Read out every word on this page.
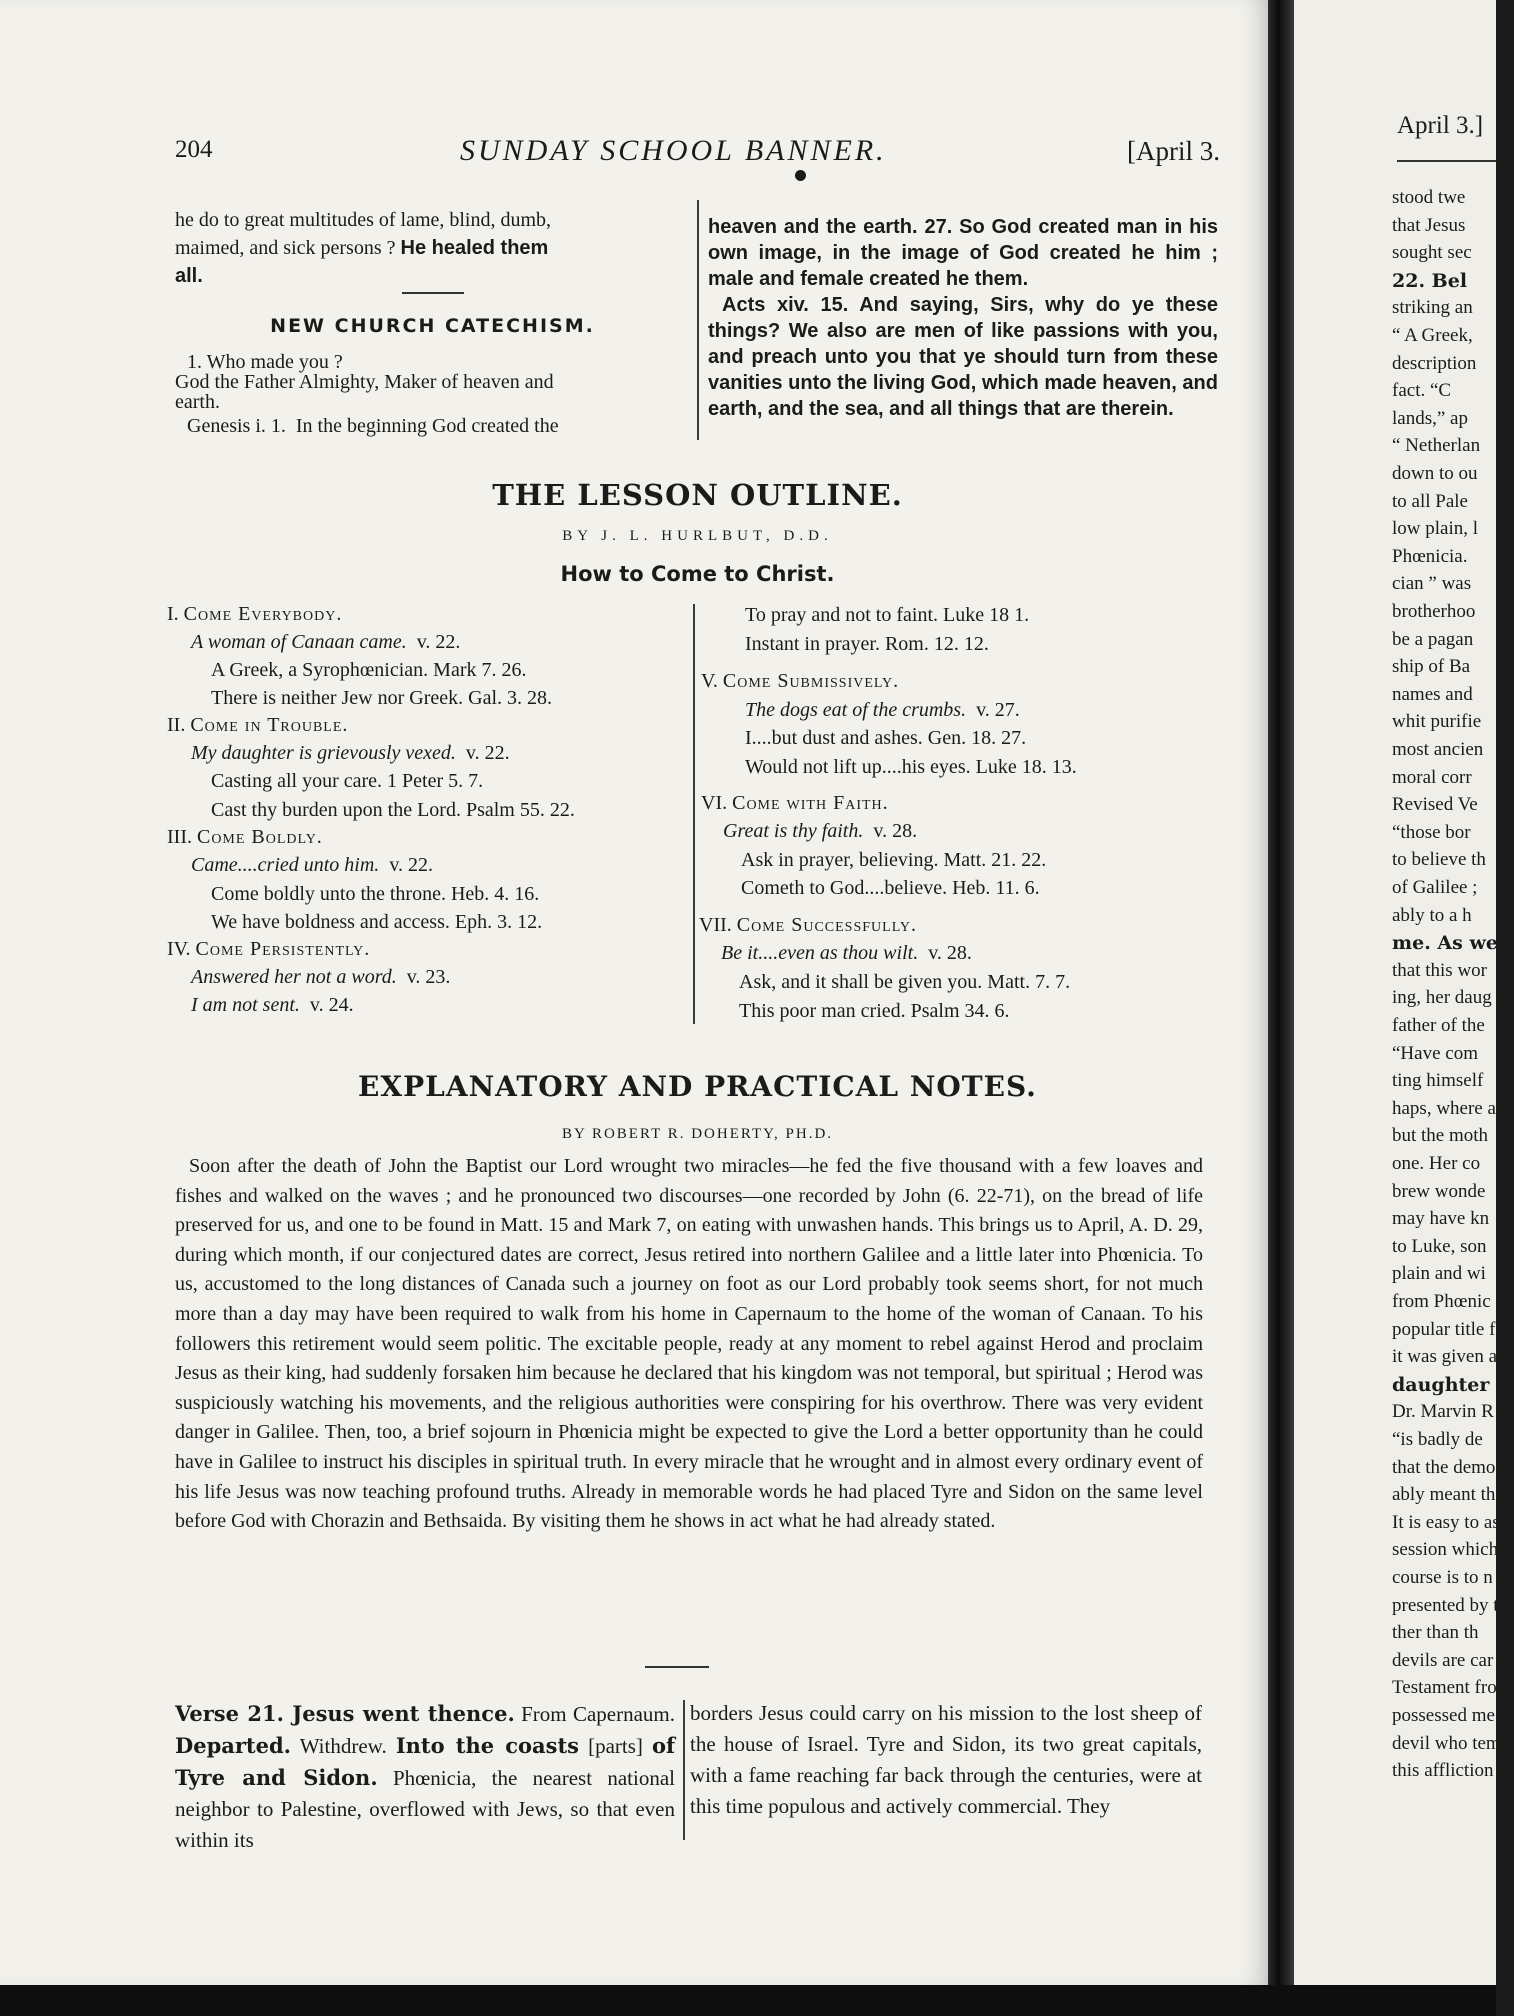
204	SUNDAY SCHOOL BANNER.	[April 3.

he do to great multitudes of lame, blind, dumb,

maimed, and sick persons ? He healed them

all.

NEW CHURCH CATECHISM.

1. Who made you ?

God the Father Almighty, Maker of heaven and

earth.

Genesis i. 1. In the beginning God created the

heaven and the earth. 27. So God created man in his own image, in the image of God created he him ; male and female created he them.

Acts xiv. 15. And saying, Sirs, why do ye these things? We also are men of like passions with you, and preach unto you that ye should turn from these vanities unto the living God, which made heaven, and earth, and the sea, and all things that are therein.

THE LESSON OUTLINE.
BY J. L. HURLBUT, D.D.
How to Come to Christ.
I. Come Everybody.
A woman of Canaan came. v. 22.
A Greek, a Syrophœnician. Mark 7. 26.
There is neither Jew nor Greek. Gal. 3. 28.
II. Come in Trouble.
My daughter is grievously vexed. v. 22.
Casting all your care. 1 Peter 5. 7.
Cast thy burden upon the Lord. Psalm 55. 22.
III. Come Boldly.
Came....cried unto him. v. 22.
Come boldly unto the throne. Heb. 4. 16.
We have boldness and access. Eph. 3. 12.
IV. Come Persistently.
Answered her not a word. v. 23.
I am not sent. v. 24.
To pray and not to faint. Luke 18 1.
Instant in prayer. Rom. 12. 12.
V. Come Submissively.
The dogs eat of the crumbs. v. 27.
I....but dust and ashes. Gen. 18. 27.
Would not lift up....his eyes. Luke 18. 13.
VI. Come with Faith.
Great is thy faith. v. 28.
Ask in prayer, believing. Matt. 21. 22.
Cometh to God....believe. Heb. 11. 6.
VII. Come Successfully.
Be it....even as thou wilt. v. 28.
Ask, and it shall be given you. Matt. 7. 7.
This poor man cried. Psalm 34. 6.
EXPLANATORY AND PRACTICAL NOTES.
BY ROBERT R. DOHERTY, PH.D.

Soon after the death of John the Baptist our Lord wrought two miracles—he fed the five thousand with a few loaves and fishes and walked on the waves ; and he pronounced two discourses—one recorded by John (6. 22-71), on the bread of life preserved for us, and one to be found in Matt. 15 and Mark 7, on eating with unwashen hands. This brings us to April, A. D. 29, during which month, if our conjectured dates are correct, Jesus retired into northern Galilee and a little later into Phœnicia. To us, accustomed to the long distances of Canada such a journey on foot as our Lord probably took seems short, for not much more than a day may have been required to walk from his home in Capernaum to the home of the woman of Canaan. To his followers this retirement would seem politic. The excitable people, ready at any moment to rebel against Herod and proclaim Jesus as their king, had suddenly forsaken him because he declared that his kingdom was not temporal, but spiritual ; Herod was suspiciously watching his movements, and the religious authorities were conspiring for his overthrow. There was very evident danger in Galilee. Then, too, a brief sojourn in Phœnicia might be expected to give the Lord a better opportunity than he could have in Galilee to instruct his disciples in spiritual truth. In every miracle that he wrought and in almost every ordinary event of his life Jesus was now teaching profound truths. Already in memorable words he had placed Tyre and Sidon on the same level before God with Chorazin and Bethsaida. By visiting them he shows in act what he had already stated.

Verse 21. Jesus went thence. From Capernaum. Departed. Withdrew. Into the coasts [parts] of Tyre and Sidon. Phœnicia, the nearest national neighbor to Palestine, overflowed with Jews, so that even within its
borders Jesus could carry on his mission to the lost sheep of the house of Israel. Tyre and Sidon, its two great capitals, with a fame reaching far back through the centuries, were at this time populous and actively commercial. They
April 3.]
stood twe
that Jesus
sought sec
22. Bel
striking an
“ A Greek,
description
fact. “C
lands,” ap
“ Netherlan
down to ou
to all Pale
low plain, l
Phœnicia.
cian ” was
brotherhoo
be a pagan
ship of Ba
names and
whit purifie
most ancien
moral corr
Revised Ve
“those bor
to believe th
of Galilee ;
ably to a h
me. As we
that this wor
ing, her daug
father of the
“Have com
ting himself
haps, where a
but the moth
one. Her co
brew wonde
may have kn
to Luke, son
plain and wi
from Phœnic
popular title f
it was given a
daughter is
Dr. Marvin R
“is badly de
that the demo
ably meant th
It is easy to as
session which
course is to n
presented by t
ther than th
devils are car
Testament fro
possessed me
devil who temp
this affliction
